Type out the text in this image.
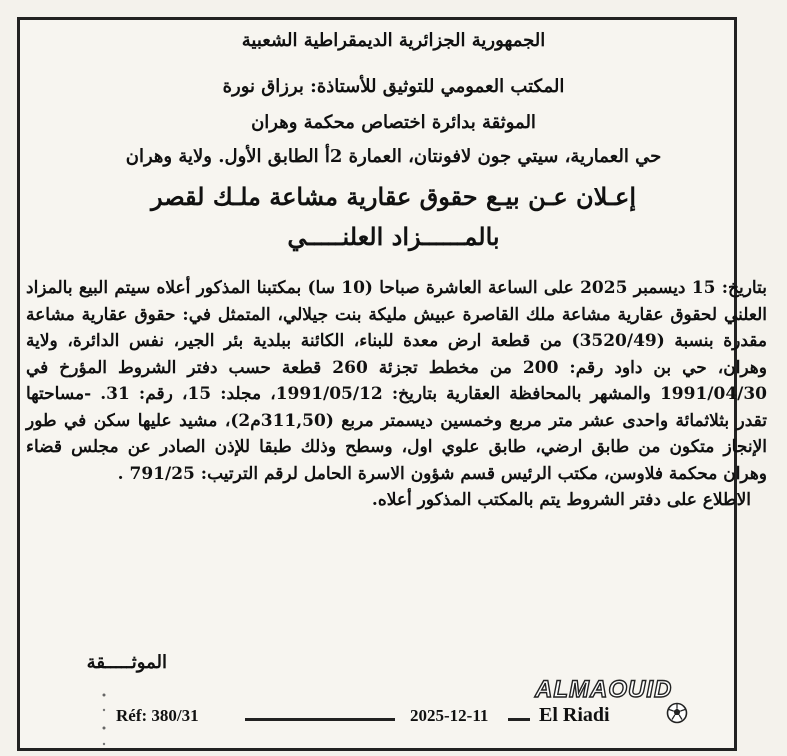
الجمهورية الجزائرية الديمقراطية الشعبية
المكتب العمومي للتوثيق للأستاذة: برزاق نورة
الموثقة بدائرة اختصاص محكمة وهران
حي العمارية، سيتي جون لافونتان، العمارة 2أ الطابق الأول. ولاية وهران
إعـلان عـن بيـع حقوق عقارية مشاعة ملـك لقصر
بالمــــــزاد العلنـــــي

بتاريخ: 15 ديسمبر 2025 على الساعة العاشرة صباحا (10 سا) بمكتبنا المذكور أعلاه سيتم البيع بالمزاد العلني لحقوق عقارية مشاعة ملك القاصرة عبيش مليكة بنت جيلالي، المتمثل في: حقوق عقارية مشاعة مقدرة بنسبة (3520/49) من قطعة ارض معدة للبناء، الكائنة ببلدية بئر الجير، نفس الدائرة، ولاية وهران، حي بن داود رقم: 200 من مخطط تجزئة 260 قطعة حسب دفتر الشروط المؤرخ في 1991/04/30 والمشهر بالمحافظة العقارية بتاريخ: 1991/05/12، مجلد: 15، رقم: 31. -مساحتها تقدر بثلاثمائة واحدى عشر متر مربع وخمسين ديسمتر مربع (311,50م2)، مشيد عليها سكن في طور الإنجاز متكون من طابق ارضي، طابق علوي اول، وسطح وذلك طبقا للإذن الصادر عن مجلس قضاء وهران محكمة فلاوسن، مكتب الرئيس قسم شؤون الاسرة الحامل لرقم الترتيب: 791/25 .

الاطلاع على دفتر الشروط يتم بالمكتب المذكور أعلاه.

الموثـــــقة
Réf: 380/31	2025-12-11
ALMAOUID
El Riadi
